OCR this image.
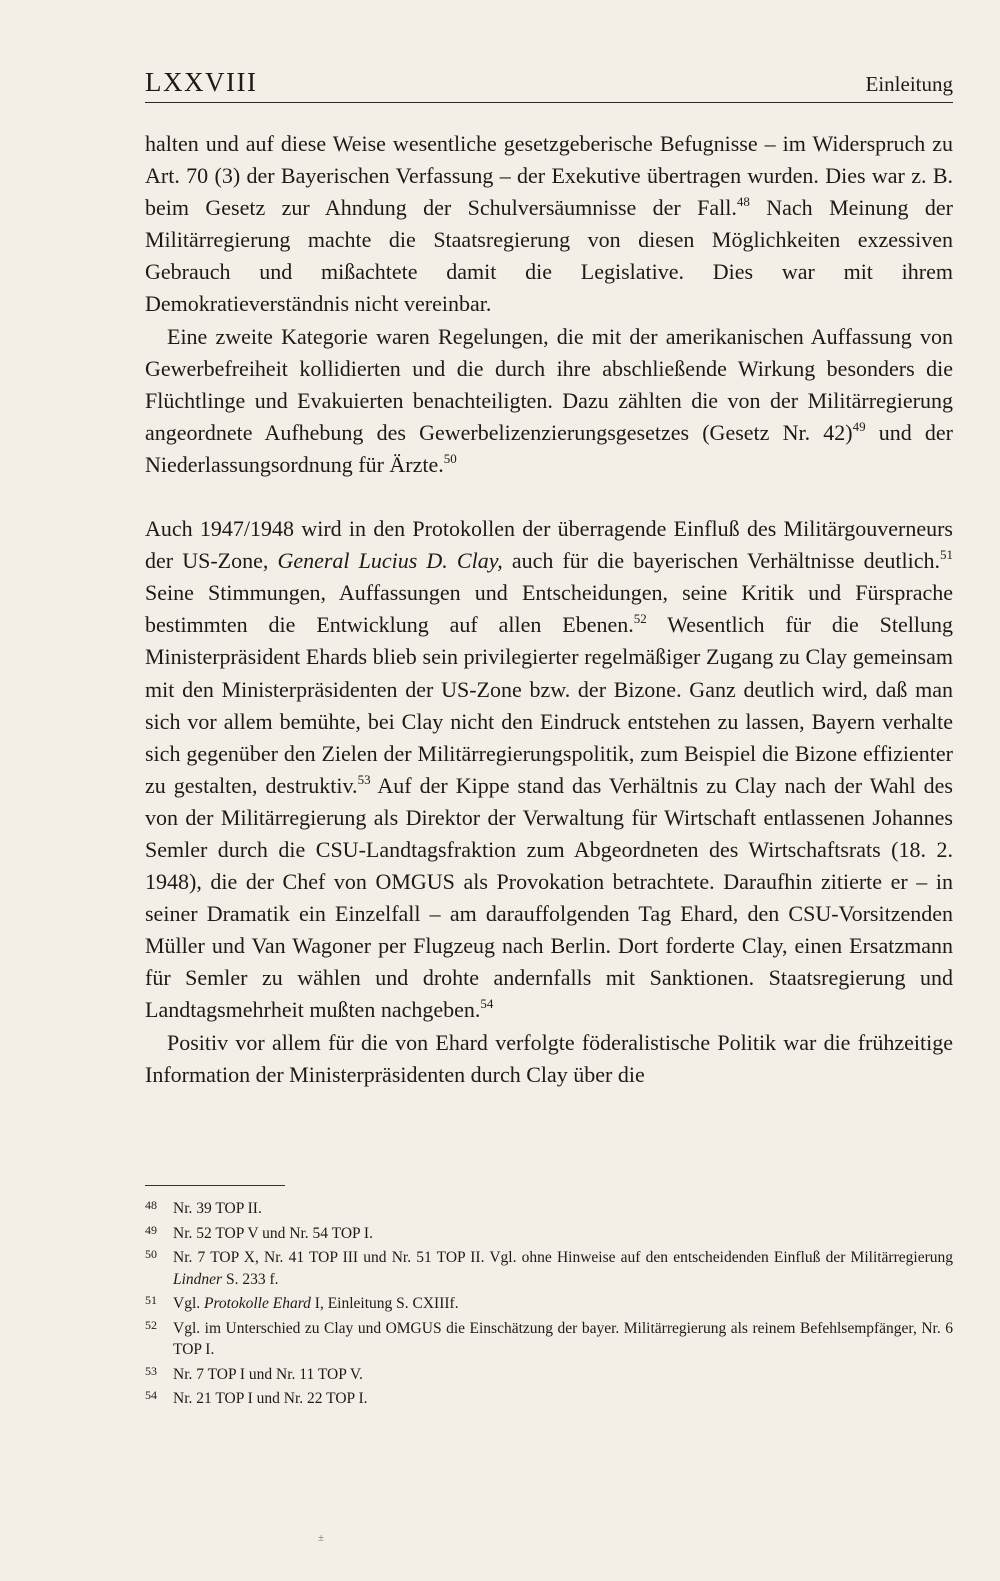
LXXVIII	Einleitung

halten und auf diese Weise wesentliche gesetzgeberische Befugnisse – im Widerspruch zu Art. 70 (3) der Bayerischen Verfassung – der Exekutive übertragen wurden. Dies war z. B. beim Gesetz zur Ahndung der Schulversäumnisse der Fall.$^{48}$ Nach Meinung der Militärregierung machte die Staatsregierung von diesen Möglichkeiten exzessiven Gebrauch und mißachtete damit die Legislative. Dies war mit ihrem Demokratieverständnis nicht vereinbar.

Eine zweite Kategorie waren Regelungen, die mit der amerikanischen Auffassung von Gewerbefreiheit kollidierten und die durch ihre abschließende Wirkung besonders die Flüchtlinge und Evakuierten benachteiligten. Dazu zählten die von der Militärregierung angeordnete Aufhebung des Gewerbelizenzierungsgesetzes (Gesetz Nr. 42)$^{49}$ und der Niederlassungsordnung für Ärzte.$^{50}$

Auch 1947/1948 wird in den Protokollen der überragende Einfluß des Militärgouverneurs der US-Zone, General Lucius D. Clay, auch für die bayerischen Verhältnisse deutlich.$^{51}$ Seine Stimmungen, Auffassungen und Entscheidungen, seine Kritik und Fürsprache bestimmten die Entwicklung auf allen Ebenen.$^{52}$ Wesentlich für die Stellung Ministerpräsident Ehards blieb sein privilegierter regelmäßiger Zugang zu Clay gemeinsam mit den Ministerpräsidenten der US-Zone bzw. der Bizone. Ganz deutlich wird, daß man sich vor allem bemühte, bei Clay nicht den Eindruck entstehen zu lassen, Bayern verhalte sich gegenüber den Zielen der Militärregierungspolitik, zum Beispiel die Bizone effizienter zu gestalten, destruktiv.$^{53}$ Auf der Kippe stand das Verhältnis zu Clay nach der Wahl des von der Militärregierung als Direktor der Verwaltung für Wirtschaft entlassenen Johannes Semler durch die CSU-Landtagsfraktion zum Abgeordneten des Wirtschaftsrats (18. 2. 1948), die der Chef von OMGUS als Provokation betrachtete. Daraufhin zitierte er – in seiner Dramatik ein Einzelfall – am darauffolgenden Tag Ehard, den CSU-Vorsitzenden Müller und Van Wagoner per Flugzeug nach Berlin. Dort forderte Clay, einen Ersatzmann für Semler zu wählen und drohte andernfalls mit Sanktionen. Staatsregierung und Landtagsmehrheit mußten nachgeben.$^{54}$

Positiv vor allem für die von Ehard verfolgte föderalistische Politik war die frühzeitige Information der Ministerpräsidenten durch Clay über die

48 Nr. 39 TOP II.
49 Nr. 52 TOP V und Nr. 54 TOP I.
50 Nr. 7 TOP X, Nr. 41 TOP III und Nr. 51 TOP II. Vgl. ohne Hinweise auf den entscheidenden Einfluß der Militärregierung Lindner S. 233 f.
51 Vgl. Protokolle Ehard I, Einleitung S. CXIIIf.
52 Vgl. im Unterschied zu Clay und OMGUS die Einschätzung der bayer. Militärregierung als reinem Befehlsempfänger, Nr. 6 TOP I.
53 Nr. 7 TOP I und Nr. 11 TOP V.
54 Nr. 21 TOP I und Nr. 22 TOP I.
±
